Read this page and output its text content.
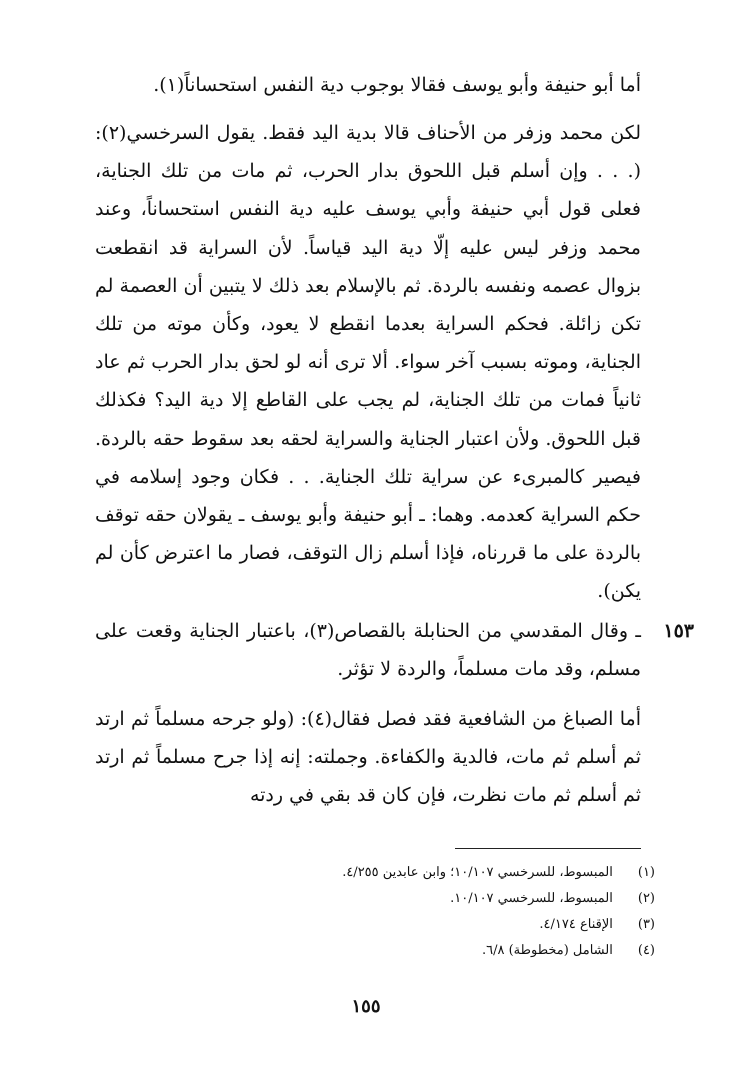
أما أبو حنيفة وأبو يوسف فقالا بوجوب دية النفس استحساناً(١).

لكن محمد وزفر من الأحناف قالا بدية اليد فقط. يقول السرخسي(٢): (. . . وإن أسلم قبل اللحوق بدار الحرب، ثم مات من تلك الجناية، فعلى قول أبي حنيفة وأبي يوسف عليه دية النفس استحساناً، وعند محمد وزفر ليس عليه إلّا دية اليد قياساً. لأن السراية قد انقطعت بزوال عصمه ونفسه بالردة. ثم بالإسلام بعد ذلك لا يتبين أن العصمة لم تكن زائلة. فحكم السراية بعدما انقطع لا يعود، وكأن موته من تلك الجناية، وموته بسبب آخر سواء. ألا ترى أنه لو لحق بدار الحرب ثم عاد ثانياً فمات من تلك الجناية، لم يجب على القاطع إلا دية اليد؟ فكذلك قبل اللحوق. ولأن اعتبار الجناية والسراية لحقه بعد سقوط حقه بالردة. فيصير كالمبرىء عن سراية تلك الجناية. . . فكان وجود إسلامه في حكم السراية كعدمه. وهما: ـ أبو حنيفة وأبو يوسف ـ يقولان حقه توقف بالردة على ما قررناه، فإذا أسلم زال التوقف، فصار ما اعترض كأن لم يكن).

١٥٣

ـ وقال المقدسي من الحنابلة بالقصاص(٣)، باعتبار الجناية وقعت على مسلم، وقد مات مسلماً، والردة لا تؤثر.

أما الصباغ من الشافعية فقد فصل فقال(٤): (ولو جرحه مسلماً ثم ارتد ثم أسلم ثم مات، فالدية والكفاءة. وجملته: إنه إذا جرح مسلماً ثم ارتد ثم أسلم ثم مات نظرت، فإن كان قد بقي في ردته

(١) المبسوط، للسرخسي ١٠/١٠٧؛ وابن عابدين ٤/٢٥٥.
(٢) المبسوط، للسرخسي ١٠/١٠٧.
(٣) الإقناع ٤/١٧٤.
(٤) الشامل (مخطوطة) ٦/٨.
١٥٥
